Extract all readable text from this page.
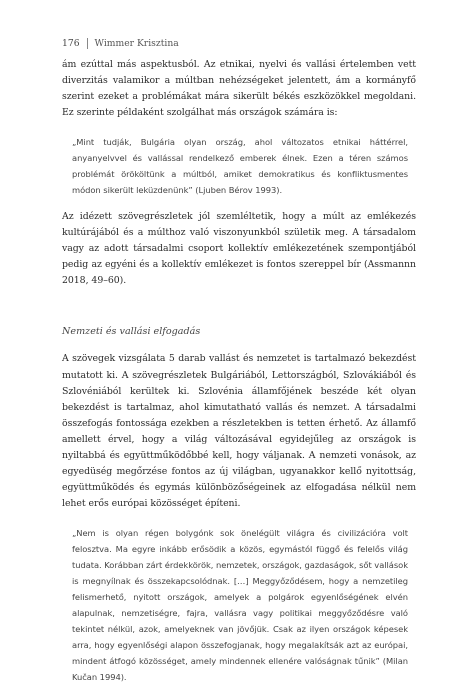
176 Wimmer Krisztina

ám ezúttal más aspektusból. Az etnikai, nyelvi és vallási értelemben vett diverzitás valamikor a múltban nehézségeket jelentett, ám a kormányfő szerint ezeket a problémákat mára sikerült békés eszközökkel megoldani. Ez szerinte példaként szolgálhat más országok számára is:

„Mint tudják, Bulgária olyan ország, ahol változatos etnikai háttérrel, anyanyelvvel és vallással rendelkező emberek élnek. Ezen a téren számos problémát örököltünk a múltból, amiket demokratikus és konfliktusmentes módon sikerült leküzdenünk” (Ljuben Bérov 1993).

Az idézett szövegrészletek jól szemléltetik, hogy a múlt az emlékezés kultúrájából és a múlthoz való viszonyunkból születik meg. A társadalom vagy az adott társadalmi csoport kollektív emlékezetének szempontjából pedig az egyéni és a kollektív emlékezet is fontos szereppel bír (Assmannn 2018, 49–60).

Nemzeti és vallási elfogadás

A szövegek vizsgálata 5 darab vallást és nemzetet is tartalmazó bekezdést mutatott ki. A szövegrészletek Bulgáriából, Lettországból, Szlovákiából és Szlovéniából kerültek ki. Szlovénia államfőjének beszéde két olyan bekezdést is tartalmaz, ahol kimutatható vallás és nemzet. A társadalmi összefogás fontossága ezekben a részletekben is tetten érhető. Az államfő amellett érvel, hogy a világ változásával egyidejűleg az országok is nyiltabbá és együttműködőbbé kell, hogy váljanak. A nemzeti vonások, az egyedüség megőrzése fontos az új világban, ugyanakkor kellő nyitottság, együttműködés és egymás különbözőségeinek az elfogadása nélkül nem lehet erős európai közösséget építeni.

„Nem is olyan régen bolygónk sok önelégült világra és civilizációra volt felosztva. Ma egyre inkább erősödik a közös, egymástól függő és felelős világ tudata. Korábban zárt érdekkörök, nemzetek, országok, gazdaságok, sőt vallások is megnyílnak és összekapcsolódnak. […] Meggyőződésem, hogy a nemzetileg felismerhető, nyitott országok, amelyek a polgárok egyenlőségének elvén alapulnak, nemzetiségre, fajra, vallásra vagy politikai meggyőződésre való tekintet nélkül, azok, amelyeknek van jövőjük. Csak az ilyen országok képesek arra, hogy egyenlőségi alapon összefogjanak, hogy megalakítsák azt az európai, mindent átfogó közösséget, amely mindennek ellenére valóságnak tűnik” (Milan Kučan 1994).
